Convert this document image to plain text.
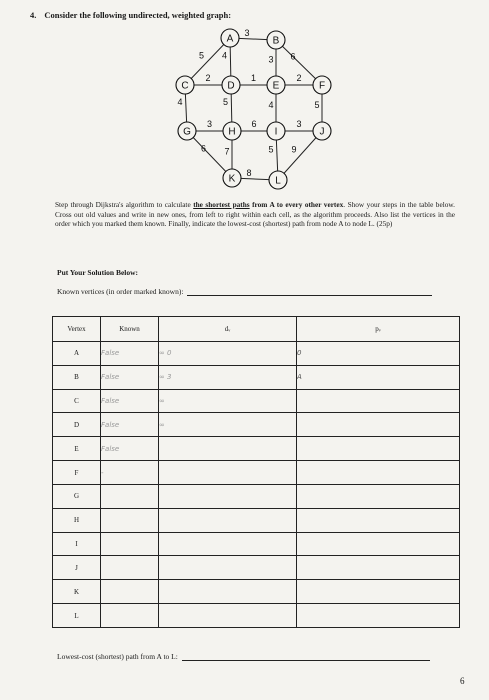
4. Consider the following undirected, weighted graph:
3
5 4	3 6
2	1	2
4	5	4	5
3	6	3
6 7	5
8
9
A	B
C	D	E	F
G	H	I	J
K	L
Step through Dijkstra's algorithm to calculate the shortest paths from A to every other vertex. Show your steps in the table below. Cross out old values and write in new ones, from left to right within each cell, as the algorithm proceeds. Also list the vertices in the order which you marked them known. Finally, indicate the lowest-cost (shortest) path from node A to node L. (25p)
Put Your Solution Below:
Known vertices (in order marked known):
Vertex	Known	dᵥ	pᵥ
A	False	∞ 0	0
B	False	∞ 3	A
C	False	∞	
D	False	∞	
E	False		
F	-		
G			
H			
I			
J			
K			
L			
Lowest-cost (shortest) path from A to L:
6
